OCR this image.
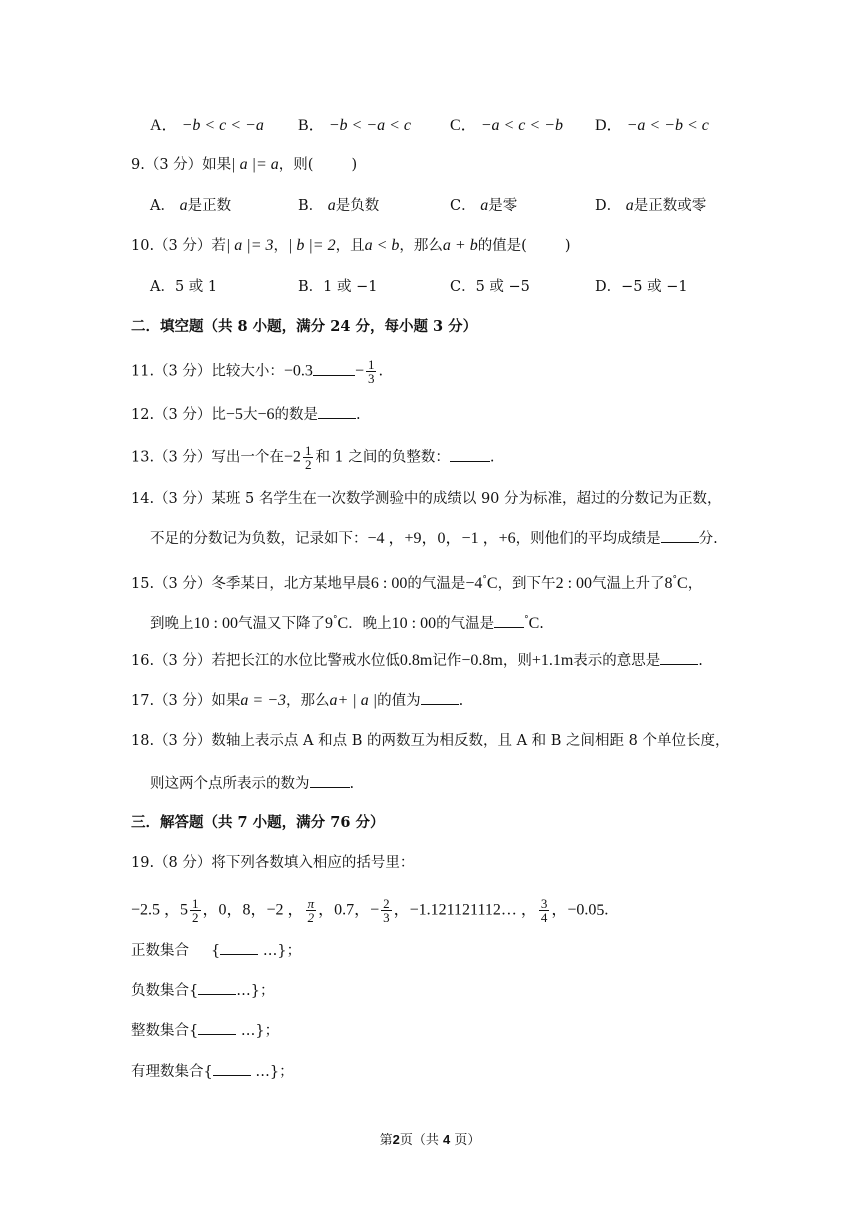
A． −b < c < −a B． −b < −a < c C． −a < c < −b D． −a < −b < c
9.（3 分）如果| a |= a，则(	)
A． a是正数	B． a是负数	C． a是零	D． a是正数或零
10.（3 分）若| a |= 3，| b |= 2，且a < b，那么a + b的值是(	)
A．5 或 1	B．1 或 −1	C．5 或 −5	D．−5 或 −1
二．填空题（共 8 小题，满分 24 分，每小题 3 分）
11.（3 分）比较大小：−0.3	− $\frac{1}{3}$ .
12.（3 分）比−5大−6的数是	.
13.（3 分）写出一个在$-2 \frac{1}{2}$ 和 1 之间的负整数：	.
14.（3 分）某班 5 名学生在一次数学测验中的成绩以 90 分为标准，超过的分数记为正数，
不足的分数记为负数，记录如下：−4 ，+9，0，−1 ，+6，则他们的平均成绩是	分.
15.（3 分）冬季某日，北方某地早晨6 : 00的气温是−4°C，到下午2 : 00气温上升了8°C，
到晚上10 : 00气温又下降了9°C．晚上10 : 00的气温是	°C.
16.（3 分）若把长江的水位比警戒水位低0.8m记作−0.8m，则+1.1m表示的意思是	.
17.（3 分）如果a = −3，那么a+ | a |的值为	.
18.（3 分）数轴上表示点 A 和点 B 的两数互为相反数，且 A 和 B 之间相距 8 个单位长度，
则这两个点所表示的数为	.
三．解答题（共 7 小题，满分 76 分）
19.（8 分）将下列各数填入相应的括号里：
−2.5 ，$5 \frac{1}{2}$ ，0，8，−2 ， $\frac{\pi}{2}$ ，0.7，− $\frac{2}{3}$ ，−1.121121112… ， $\frac{3}{4}$ ，−0.0. 5.
正数集合 {	…}；
负数集合{	…}；
整数集合{	…}；
有理数集合{	…}；
第2页（共 4 页）
